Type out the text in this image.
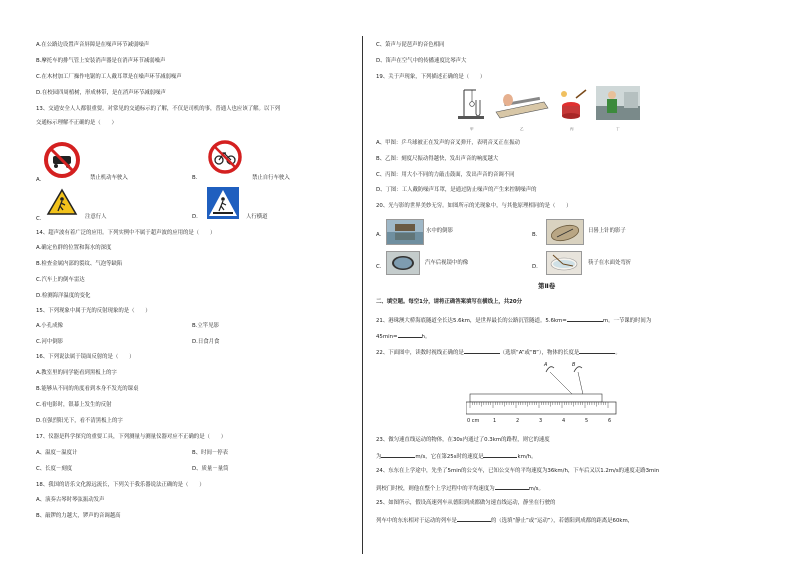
A.在公路边设置声音屏障是在噪声环节减弱噪声
B.摩托车的排气管上安装消声器是在消声环节减弱噪声
C.在木材加工厂操作电锯的工人戴耳罩是在噪声环节减弱噪声
D.在校园四周植树，形成林带，是在消声环节减弱噪声
13、交通安全人人都很重要。对常见的交通标示的了解，不仅是司机的事，普通人也应该了解。以下列
交通标示理解不正确的是（　　）
A.	禁止机动车驶入	B.	禁止自行车驶入
C.	注意行人	D.	人行横道
14、超声波有着广泛的应用。下列实例中不属于超声波的应用的是（　　）
A.确定鱼群的位置和海水的深度
B.检查金属内部的裂纹、气泡等缺陷
C.汽车上的倒车雷达
D.检测海洋温度的变化
15、下列现象中属于光的反射现象的是（　　）
A.小孔成像	B.立竿见影
C.河中倒影	D.日食月食
16、下列说法属于镜面反射的是（　　）
A.教室里的同学能看到黑板上的字
B.能够从不同的角度看到本身不发光的课桌
C.看电影时，银幕上发生的反射
D.在强烈阳光下，看不清黑板上的字
17、仪器是科学探究的重要工具，下列测量与测量仪器对应不正确的是（　　）
A、温度－温度计	B、时间－停表
C、长度－刻度	D、质量－量筒
18、我国的语乐文化源远流长，下列关于我乐器说法正确的是（　　）
A、演奏古琴时琴弦振动发声
B、敲锣的力越大，锣声的音调越高
C、箫声与琵琶声的音色相同
D、笛声在空气中的传播速度比琴声大
19、关于声现象，下列描述正确的是（　　）
甲	乙	丙	丁
A、甲图：乒乓球被正在发声的音叉弹开，表明音叉正在振动
B、乙图：刻度尺振动得越快，发出声音的响度越大
C、丙图：用大小不同的力敲击鼓面，发出声音的音调不同
D、丁图：工人戴防噪声耳罩，是通过防止噪声的产生来控制噪声的
20、光与影的世界美妙无穷。如图所示的光现象中，与其他原理相同的是（　　）
A.
水中的倒影
B.
日晷上针的影子
C.
汽车后视镜中的像
D.
筷子在水面处弯折
第Ⅱ卷
二、填空题。每空1分，请将正确答案填写在横线上，共20分
21、港珠澳大桥海底隧道全长达5.6km，是世界最长的公路沉管隧道。5.6km=	m。一节课的时间为
45min=	h。
22、下面图中，读数时视线正确的是	（选填“A”或“B”），物体的长度是	。
A	B
0 cm	1	2	3	4	5	6
23、做匀速直线运动的物体，在30s内通过了0.3km的路程，则它的速度
为	m/s，它在第25s时的速度是	km/h。
24、东东在上学途中，先坐了5min的公交车，已知公交车的平均速度为36km/h，下车后又以1.2m/s的速度走路3min
到校门时校，则他在整个上学过程中的平均速度为	m/s。
25、如图所示，假设高速列车从德阳到成都做匀速直线运动，静坐在行驶的
列车中的东东相对于运动的列车是	的（选填“静止”或“运动”），若德阳到成都的距离是60km，
